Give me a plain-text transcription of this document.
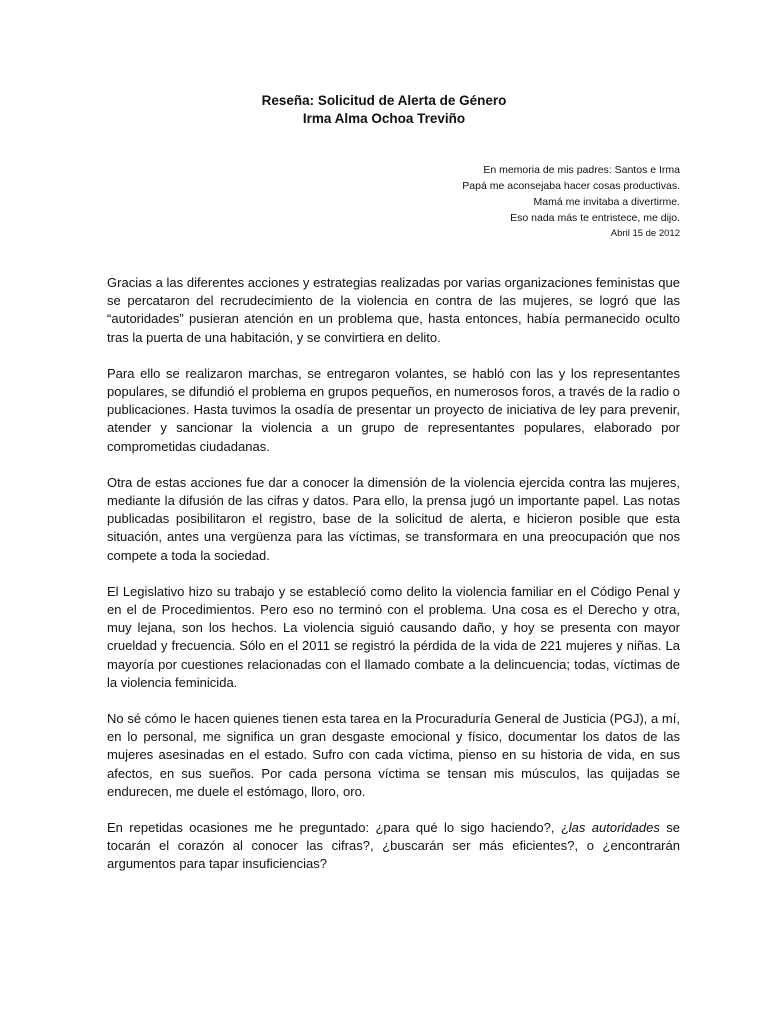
Reseña: Solicitud de Alerta de Género
Irma Alma Ochoa Treviño
En memoria de mis padres: Santos e Irma
Papá me aconsejaba hacer cosas productivas.
Mamá me invitaba a divertirme.
Eso nada más te entristece, me dijo.
Abril 15 de 2012

Gracias a las diferentes acciones y estrategias realizadas por varias organizaciones feministas que se percataron del recrudecimiento de la violencia en contra de las mujeres, se logró que las “autoridades” pusieran atención en un problema que, hasta entonces, había permanecido oculto tras la puerta de una habitación, y se convirtiera en delito.

Para ello se realizaron marchas, se entregaron volantes, se habló con las y los representantes populares, se difundió el problema en grupos pequeños, en numerosos foros, a través de la radio o publicaciones. Hasta tuvimos la osadía de presentar un proyecto de iniciativa de ley para prevenir, atender y sancionar la violencia a un grupo de representantes populares, elaborado por comprometidas ciudadanas.

Otra de estas acciones fue dar a conocer la dimensión de la violencia ejercida contra las mujeres, mediante la difusión de las cifras y datos. Para ello, la prensa jugó un importante papel. Las notas publicadas posibilitaron el registro, base de la solicitud de alerta, e hicieron posible que esta situación, antes una vergüenza para las víctimas, se transformara en una preocupación que nos compete a toda la sociedad.

El Legislativo hizo su trabajo y se estableció como delito la violencia familiar en el Código Penal y en el de Procedimientos. Pero eso no terminó con el problema. Una cosa es el Derecho y otra, muy lejana, son los hechos. La violencia siguió causando daño, y hoy se presenta con mayor crueldad y frecuencia. Sólo en el 2011 se registró la pérdida de la vida de 221 mujeres y niñas. La mayoría por cuestiones relacionadas con el llamado combate a la delincuencia; todas, víctimas de la violencia feminicida.

No sé cómo le hacen quienes tienen esta tarea en la Procuraduría General de Justicia (PGJ), a mí, en lo personal, me significa un gran desgaste emocional y físico, documentar los datos de las mujeres asesinadas en el estado. Sufro con cada víctima, pienso en su historia de vida, en sus afectos, en sus sueños. Por cada persona víctima se tensan mis músculos, las quijadas se endurecen, me duele el estómago, lloro, oro.

En repetidas ocasiones me he preguntado: ¿para qué lo sigo haciendo?, ¿las autoridades se tocarán el corazón al conocer las cifras?, ¿buscarán ser más eficientes?, o ¿encontrarán argumentos para tapar insuficiencias?
